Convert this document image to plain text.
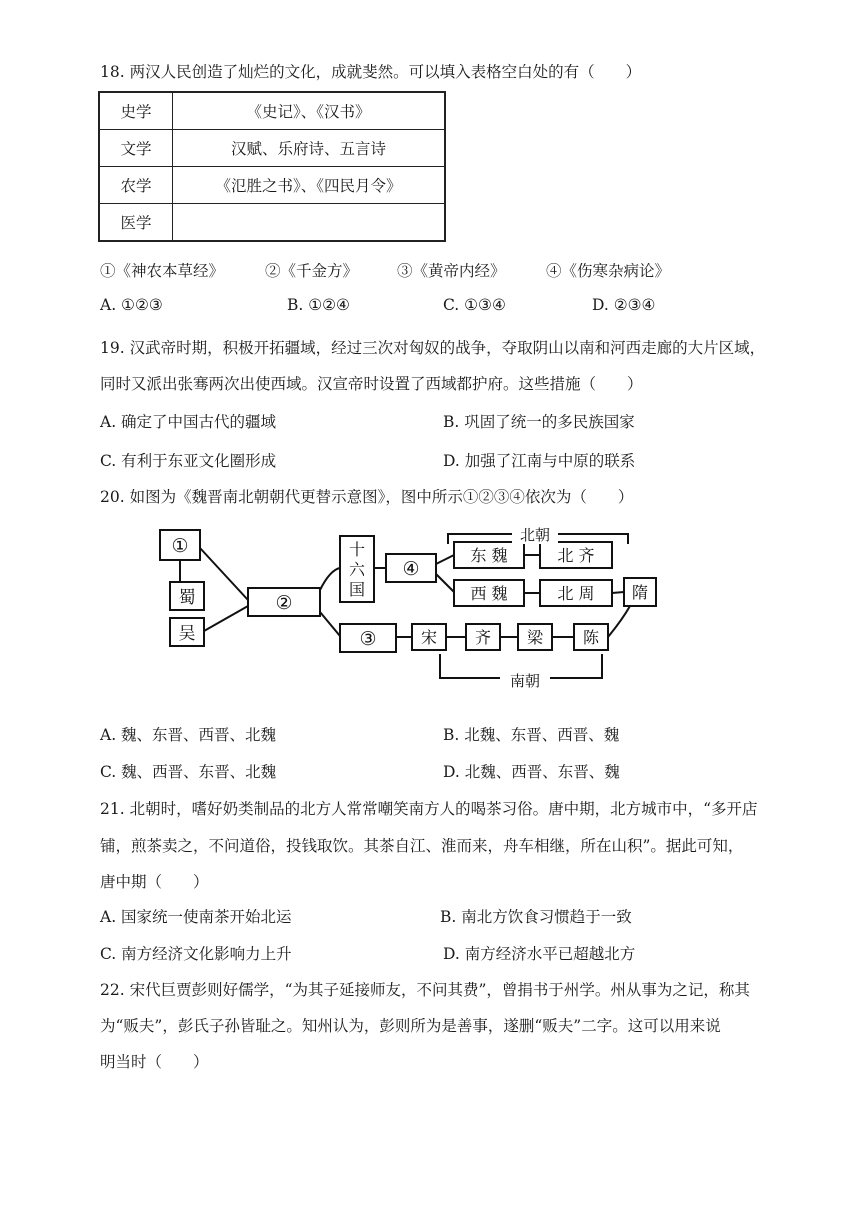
18. 两汉人民创造了灿烂的文化，成就斐然。可以填入表格空白处的有（　　）
史学	《史记》、《汉书》
文学	汉赋、乐府诗、五言诗
农学	《氾胜之书》、《四民月令》
医学	
①《神农本草经》	②《千金方》	③《黄帝内经》	④《伤寒杂病论》
A. ①②③	B. ①②④	C. ①③④	D. ②③④
19. 汉武帝时期，积极开拓疆域，经过三次对匈奴的战争，夺取阴山以南和河西走廊的大片区域，
同时又派出张骞两次出使西域。汉宣帝时设置了西域都护府。这些措施（　　）
A. 确定了中国古代的疆域	B. 巩固了统一的多民族国家
C. 有利于东亚文化圈形成	D. 加强了江南与中原的联系
20. 如图为《魏晋南北朝朝代更替示意图》，图中所示①②③④依次为（　　）
①
蜀
吴
②
十
六
国
④
东 魏	北 齐
西 魏	北 周 隋
③	宋 齐 梁 陈
北朝
南朝
A. 魏、东晋、西晋、北魏	B. 北魏、东晋、西晋、魏
C. 魏、西晋、东晋、北魏	D. 北魏、西晋、东晋、魏
21. 北朝时，嗜好奶类制品的北方人常常嘲笑南方人的喝茶习俗。唐中期，北方城市中，“多开店
铺，煎茶卖之，不问道俗，投钱取饮。其茶自江、淮而来，舟车相继，所在山积”。据此可知，
唐中期（　　）
A. 国家统一使南茶开始北运	B. 南北方饮食习惯趋于一致
C. 南方经济文化影响力上升	D. 南方经济水平已超越北方
22. 宋代巨贾彭则好儒学，“为其子延接师友，不问其费”，曾捐书于州学。州从事为之记，称其
为“贩夫”，彭氏子孙皆耻之。知州认为，彭则所为是善事，遂删“贩夫”二字。这可以用来说
明当时（　　）
